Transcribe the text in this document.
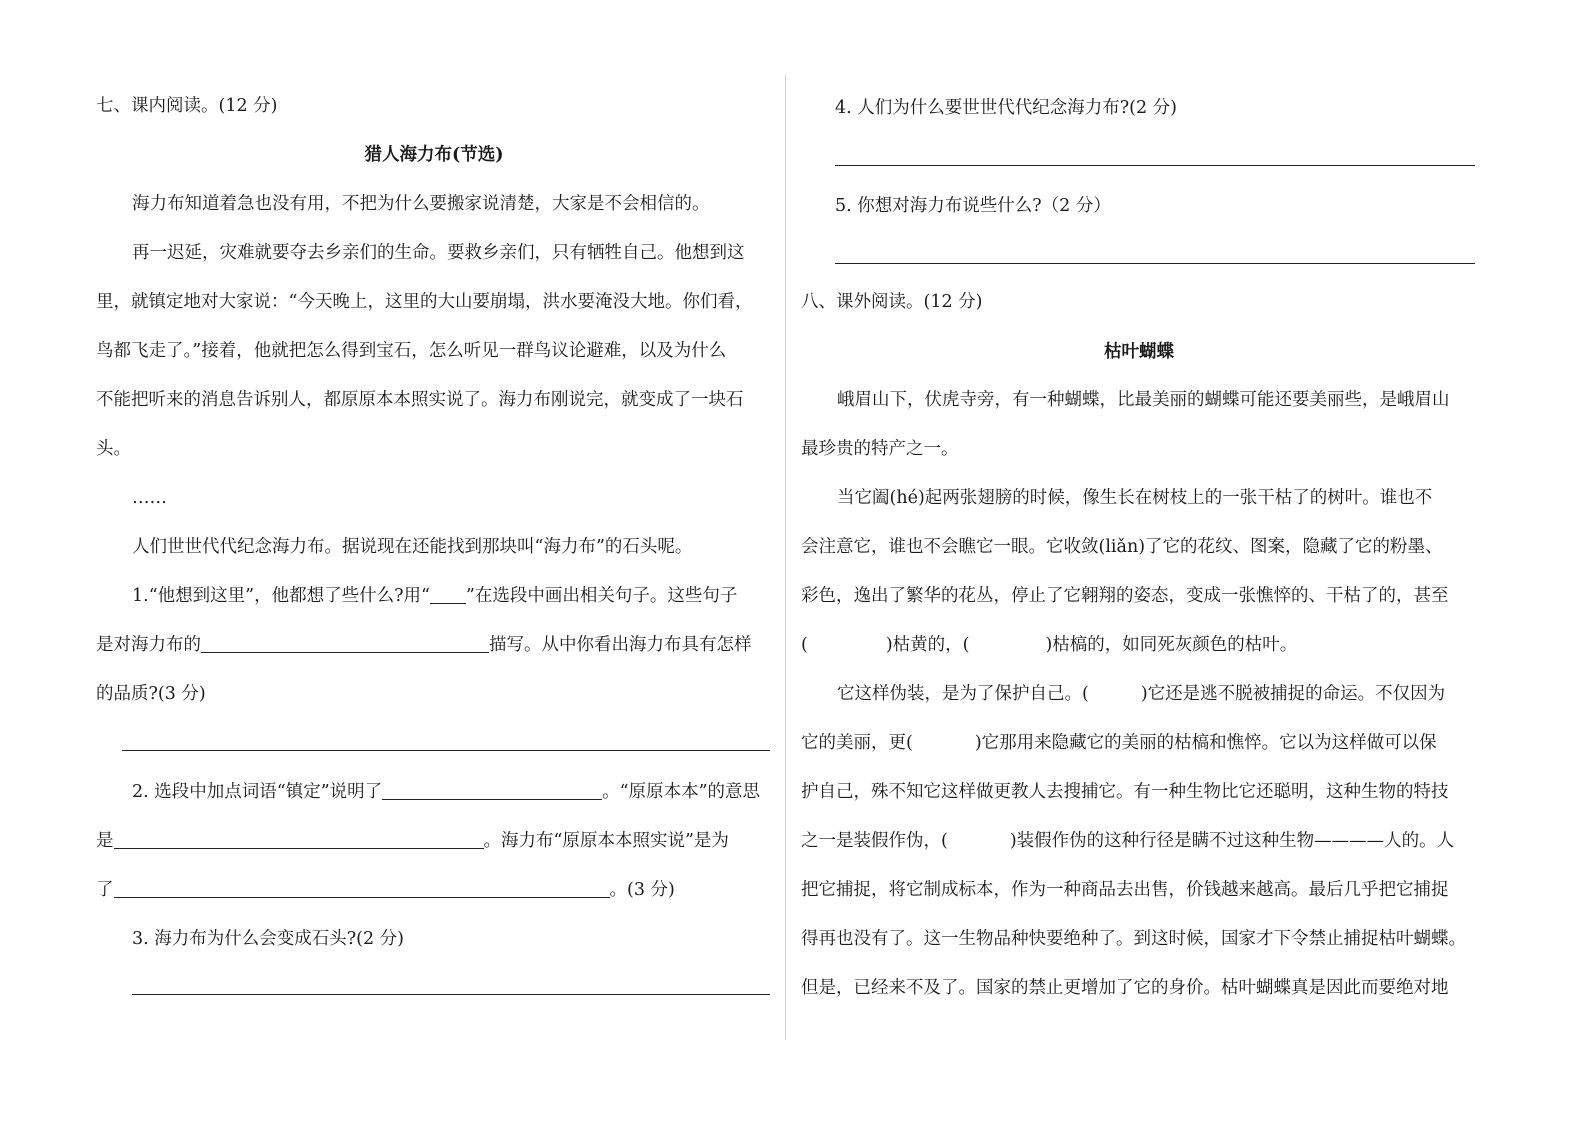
七、课内阅读。(12 分)
猎人海力布(节选)
海力布知道着急也没有用，不把为什么要搬家说清楚，大家是不会相信的。
再一迟延，灾难就要夺去乡亲们的生命。要救乡亲们，只有牺牲自己。他想到这
里，就镇定地对大家说：“今天晚上，这里的大山要崩塌，洪水要淹没大地。你们看，
鸟都飞走了。”接着，他就把怎么得到宝石，怎么听见一群鸟议论避难，以及为什么
不能把听来的消息告诉别人，都原原本本照实说了。海力布刚说完，就变成了一块石
头。
……
人们世世代代纪念海力布。据说现在还能找到那块叫“海力布”的石头呢。
1.“他想到这里”，他都想了些什么?用“ ”在选段中画出相关句子。这些句子
是对海力布的	描写。从中你看出海力布具有怎样
的品质?(3 分)
2. 选段中加点词语“镇定”说明了	。“原原本本”的意思
是	。海力布“原原本本照实说”是为
了	。(3 分)
3. 海力布为什么会变成石头?(2 分)
4. 人们为什么要世世代代纪念海力布?(2 分)
5. 你想对海力布说些什么?（2 分）
八、课外阅读。(12 分)
枯叶蝴蝶
峨眉山下，伏虎寺旁，有一种蝴蝶，比最美丽的蝴蝶可能还要美丽些，是峨眉山
最珍贵的特产之一。
当它阖(hé)起两张翅膀的时候，像生长在树枝上的一张干枯了的树叶。谁也不
会注意它，谁也不会瞧它一眼。它收敛(liǎn)了它的花纹、图案，隐藏了它的粉墨、
彩色，逸出了繁华的花丛，停止了它翱翔的姿态，变成一张憔悴的、干枯了的，甚至
(	)枯黄的，(	)枯槁的，如同死灰颜色的枯叶。
它这样伪装，是为了保护自己。(	)它还是逃不脱被捕捉的命运。不仅因为
它的美丽，更(	)它那用来隐藏它的美丽的枯槁和憔悴。它以为这样做可以保
护自己，殊不知它这样做更教人去搜捕它。有一种生物比它还聪明，这种生物的特技
之一是装假作伪，(	)装假作伪的这种行径是瞒不过这种生物————人的。人
把它捕捉，将它制成标本，作为一种商品去出售，价钱越来越高。最后几乎把它捕捉
得再也没有了。这一生物品种快要绝种了。到这时候，国家才下令禁止捕捉枯叶蝴蝶。
但是，已经来不及了。国家的禁止更增加了它的身价。枯叶蝴蝶真是因此而要绝对地
